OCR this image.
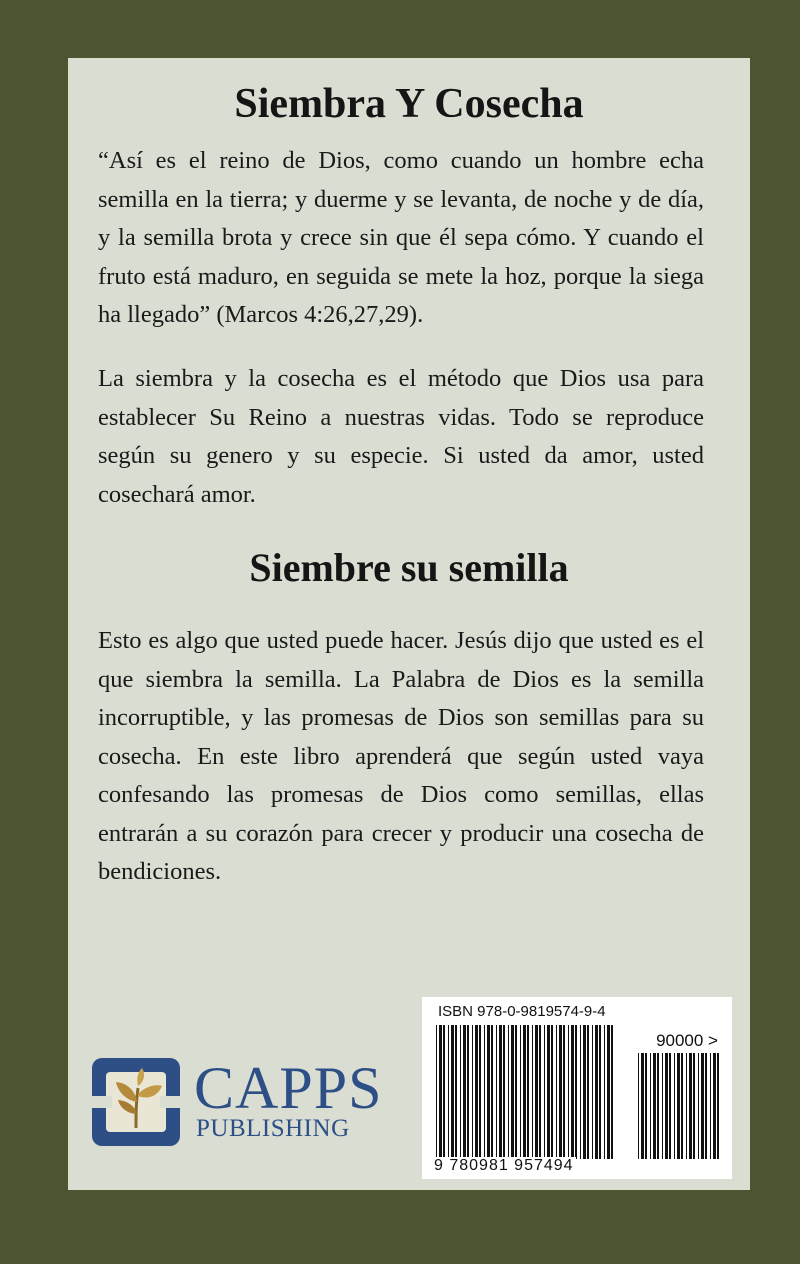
Siembra Y Cosecha

“Así es el reino de Dios, como cuando un hombre echa semilla en la tierra; y duerme y se levanta, de noche y de día, y la semilla brota y crece sin que él sepa cómo. Y cuando el fruto está maduro, en seguida se mete la hoz, porque la siega ha llegado” (Marcos 4:26,27,29).

La siembra y la cosecha es el método que Dios usa para establecer Su Reino a nuestras vidas. Todo se reproduce según su genero y su especie. Si usted da amor, usted cosechará amor.

Siembre su semilla

Esto es algo que usted puede hacer. Jesús dijo que usted es el que siembra la semilla. La Palabra de Dios es la semilla incorruptible, y las promesas de Dios son semillas para su cosecha. En este libro aprenderá que según usted vaya confesando las promesas de Dios como semillas, ellas entrarán a su corazón para crecer y producir una cosecha de bendiciones.

CAPPS
PUBLISHING
ISBN 978-0-9819574-9-4
90000 >
9 780981 957494
